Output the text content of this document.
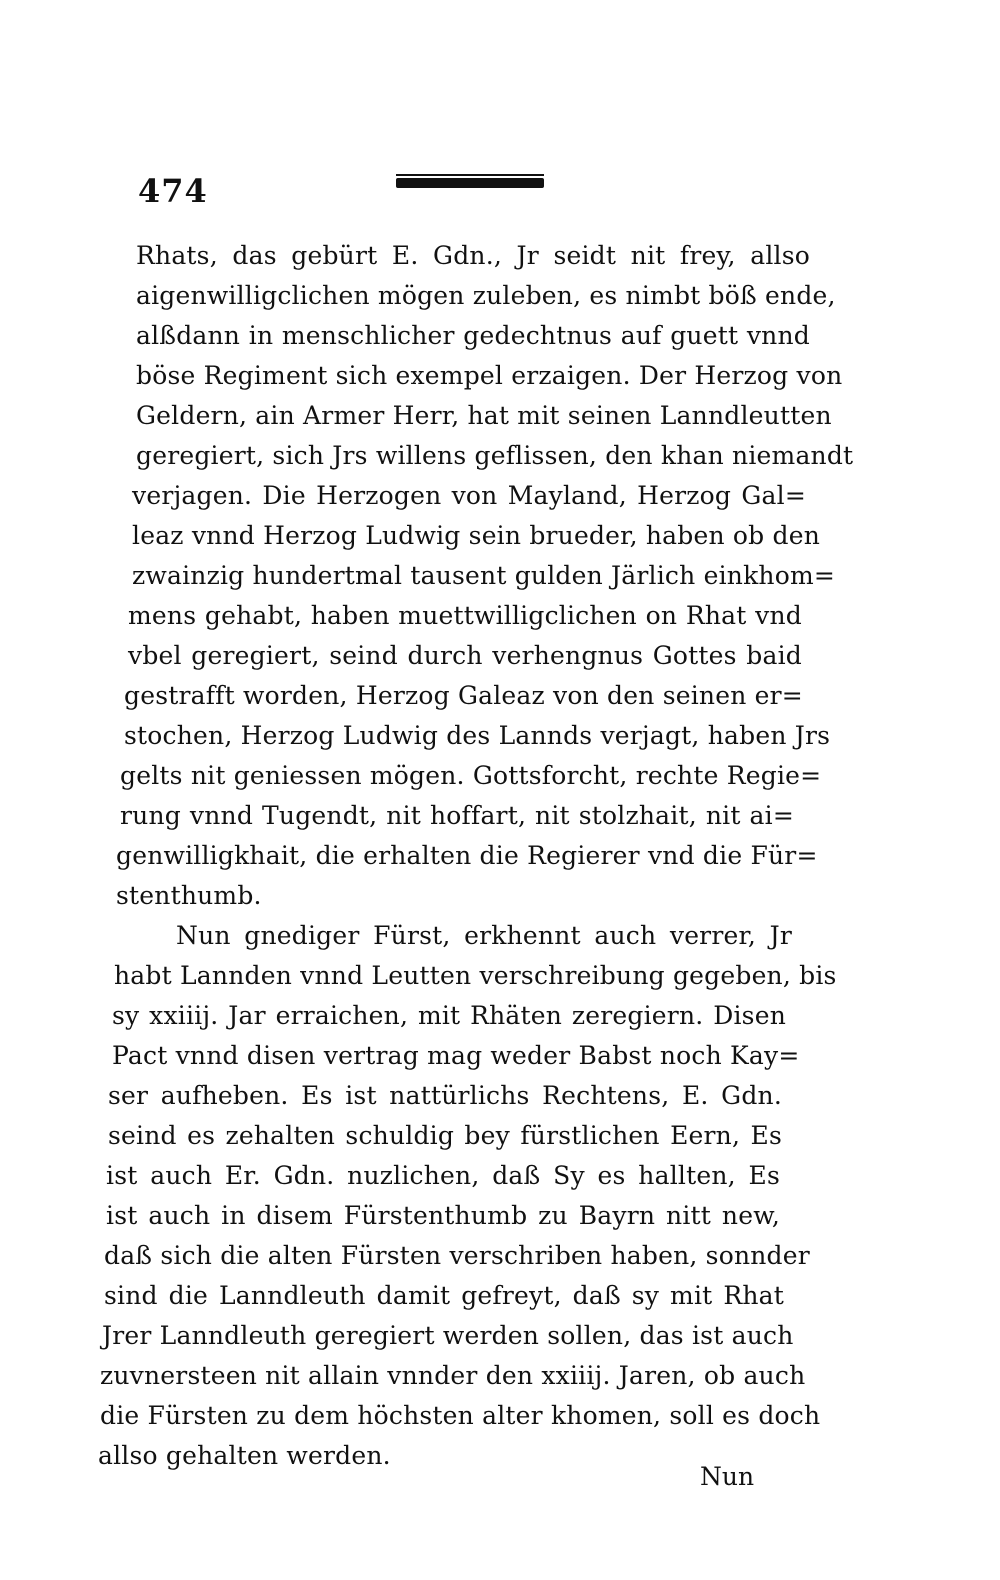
474
Rhats, das gebürt E. Gdn., Jr seidt nit frey, allso
aigenwilligclichen mögen zuleben, es nimbt böß ende,
alßdann in menschlicher gedechtnus auf guett vnnd
böse Regiment sich exempel erzaigen. Der Herzog von
Geldern, ain Armer Herr, hat mit seinen Lanndleutten
geregiert, sich Jrs willens geflissen, den khan niemandt
verjagen. Die Herzogen von Mayland, Herzog Gal=
leaz vnnd Herzog Ludwig sein brueder, haben ob den
zwainzig hundertmal tausent gulden Järlich einkhom=
mens gehabt, haben muettwilligclichen on Rhat vnd
vbel geregiert, seind durch verhengnus Gottes baid
gestrafft worden, Herzog Galeaz von den seinen er=
stochen, Herzog Ludwig des Lannds verjagt, haben Jrs
gelts nit geniessen mögen. Gottsforcht, rechte Regie=
rung vnnd Tugendt, nit hoffart, nit stolzhait, nit ai=
genwilligkhait, die erhalten die Regierer vnd die Für=
stenthumb.
Nun gnediger Fürst, erkhennt auch verrer, Jr
habt Lannden vnnd Leutten verschreibung gegeben, bis
sy xxiiij. Jar erraichen, mit Rhäten zeregiern. Disen
Pact vnnd disen vertrag mag weder Babst noch Kay=
ser aufheben. Es ist nattürlichs Rechtens, E. Gdn.
seind es zehalten schuldig bey fürstlichen Eern, Es
ist auch Er. Gdn. nuzlichen, daß Sy es hallten, Es
ist auch in disem Fürstenthumb zu Bayrn nitt new,
daß sich die alten Fürsten verschriben haben, sonnder
sind die Lanndleuth damit gefreyt, daß sy mit Rhat
Jrer Lanndleuth geregiert werden sollen, das ist auch
zuvnersteen nit allain vnnder den xxiiij. Jaren, ob auch
die Fürsten zu dem höchsten alter khomen, soll es doch
allso gehalten werden.
Nun
